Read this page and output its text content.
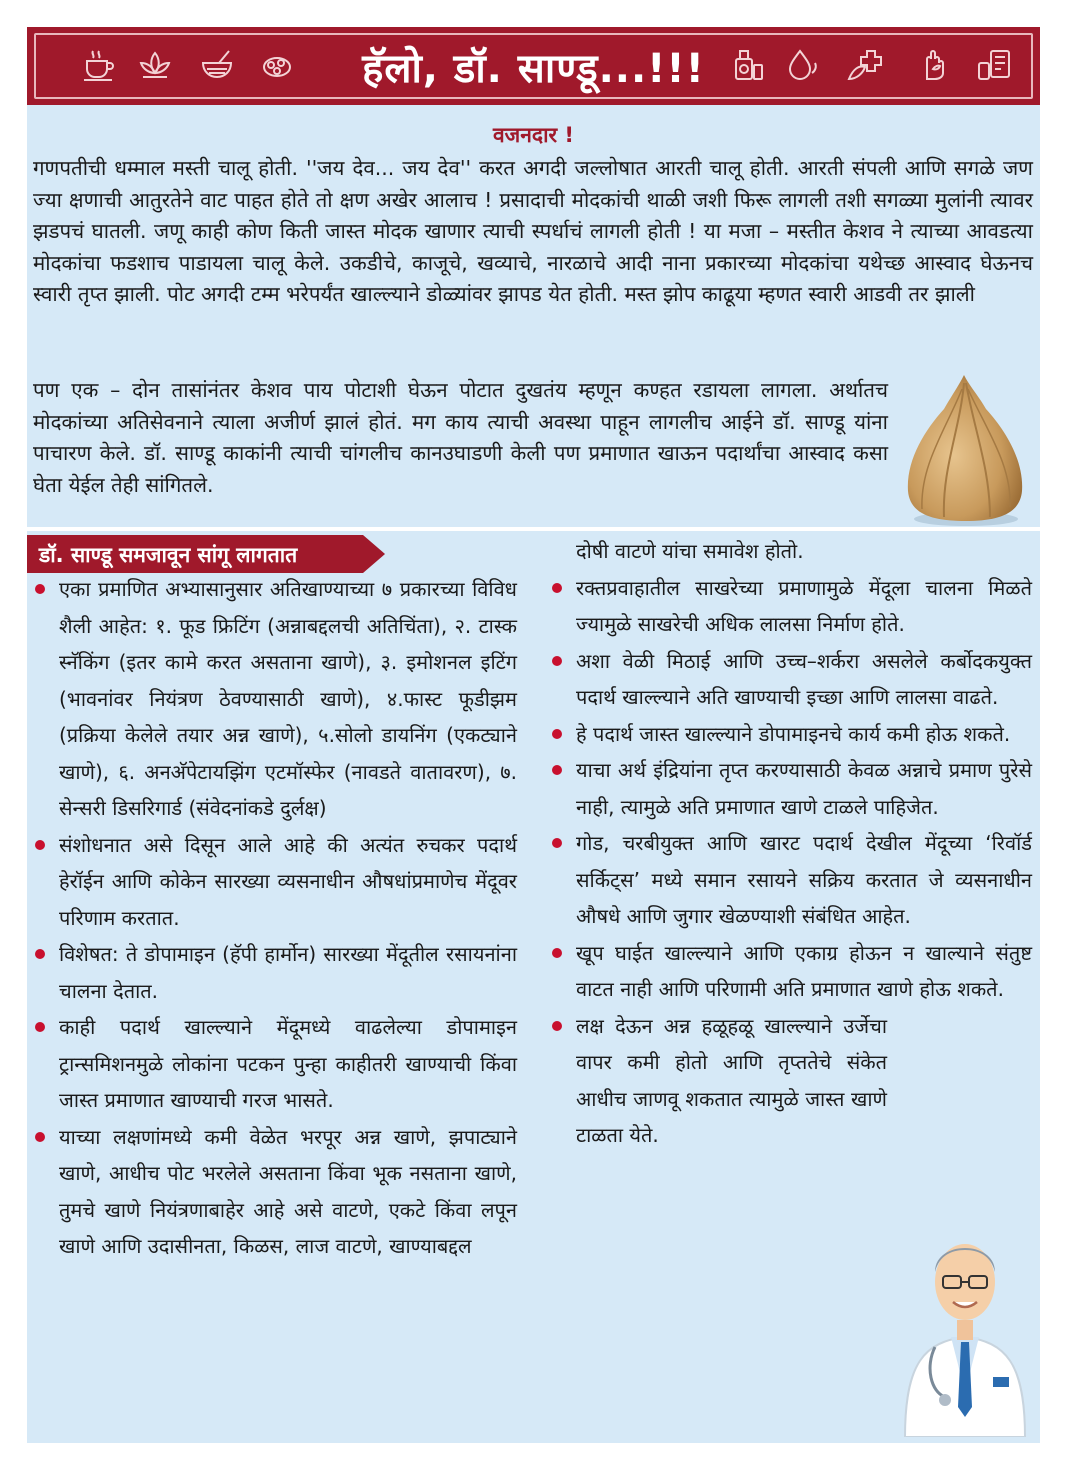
हॅलो, डॉ. साण्डू...!!!
वजनदार !
गणपतीची धम्माल मस्ती चालू होती. ''जय देव... जय देव'' करत अगदी जल्लोषात आरती चालू होती. आरती संपली आणि सगळे जण ज्या क्षणाची आतुरतेने वाट पाहत होते तो क्षण अखेर आलाच ! प्रसादाची मोदकांची थाळी जशी फिरू लागली तशी सगळ्या मुलांनी त्यावर झडपचं घातली. जणू काही कोण किती जास्त मोदक खाणार त्याची स्पर्धाचं लागली होती ! या मजा – मस्तीत केशव ने त्याच्या आवडत्या मोदकांचा फडशाच पाडायला चालू केले. उकडीचे, काजूचे, खव्याचे, नारळाचे आदी नाना प्रकारच्या मोदकांचा यथेच्छ आस्वाद घेऊनच स्वारी तृप्त झाली. पोट अगदी टम्म भरेपर्यंत खाल्ल्याने डोळ्यांवर झापड येत होती. मस्त झोप काढूया म्हणत स्वारी आडवी तर झाली
पण एक – दोन तासांनंतर केशव पाय पोटाशी घेऊन पोटात दुखतंय म्हणून कण्हत रडायला लागला. अर्थातच मोदकांच्या अतिसेवनाने त्याला अजीर्ण झालं होतं. मग काय त्याची अवस्था पाहून लागलीच आईने डॉ. साण्डू यांना पाचारण केले. डॉ. साण्डू काकांनी त्याची चांगलीच कानउघाडणी केली पण प्रमाणात खाऊन पदार्थांचा आस्वाद कसा घेता येईल तेही सांगितले.
डॉ. साण्डू समजावून सांगू लागतात
एका प्रमाणित अभ्यासानुसार अतिखाण्याच्या ७ प्रकारच्या विविध शैली आहेत: १. फूड फ्रिटिंग (अन्नाबद्दलची अतिचिंता), २. टास्क स्नॅकिंग (इतर कामे करत असताना खाणे), ३. इमोशनल इटिंग (भावनांवर नियंत्रण ठेवण्यासाठी खाणे), ४.फास्ट फूडीझम (प्रक्रिया केलेले तयार अन्न खाणे), ५.सोलो डायनिंग (एकट्याने खाणे), ६. अनअ‍ॅपेटायझिंग एटमॉस्फेर (नावडते वातावरण), ७. सेन्सरी डिसरिगार्ड (संवेदनांकडे दुर्लक्ष)
संशोधनात असे दिसून आले आहे की अत्यंत रुचकर पदार्थ हेरॉईन आणि कोकेन सारख्या व्यसनाधीन औषधांप्रमाणेच मेंदूवर परिणाम करतात.
विशेषत: ते डोपामाइन (हॅपी हार्मोन) सारख्या मेंदूतील रसायनांना चालना देतात.
काही पदार्थ खाल्ल्याने मेंदूमध्ये वाढलेल्या डोपामाइन ट्रान्समिशनमुळे लोकांना पटकन पुन्हा काहीतरी खाण्याची किंवा जास्त प्रमाणात खाण्याची गरज भासते.
याच्या लक्षणांमध्ये कमी वेळेत भरपूर अन्न खाणे, झपाट्याने खाणे, आधीच पोट भरलेले असताना किंवा भूक नसताना खाणे, तुमचे खाणे नियंत्रणाबाहेर आहे असे वाटणे, एकटे किंवा लपून खाणे आणि उदासीनता, किळस, लाज वाटणे, खाण्याबद्दल
दोषी वाटणे यांचा समावेश होतो.
रक्तप्रवाहातील साखरेच्या प्रमाणामुळे मेंदूला चालना मिळते ज्यामुळे साखरेची अधिक लालसा निर्माण होते.
अशा वेळी मिठाई आणि उच्च–शर्करा असलेले कर्बोदकयुक्त पदार्थ खाल्ल्याने अति खाण्याची इच्छा आणि लालसा वाढते.
हे पदार्थ जास्त खाल्ल्याने डोपामाइनचे कार्य कमी होऊ शकते.
याचा अर्थ इंद्रियांना तृप्त करण्यासाठी केवळ अन्नाचे प्रमाण पुरेसे नाही, त्यामुळे अति प्रमाणात खाणे टाळले पाहिजेत.
गोड, चरबीयुक्त आणि खारट पदार्थ देखील मेंदूच्या ‘रिवॉर्ड सर्किट्स’ मध्ये समान रसायने सक्रिय करतात जे व्यसनाधीन औषधे आणि जुगार खेळण्याशी संबंधित आहेत.
खूप घाईत खाल्ल्याने आणि एकाग्र होऊन न खाल्याने संतुष्ट वाटत नाही आणि परिणामी अति प्रमाणात खाणे होऊ शकते.
लक्ष देऊन अन्न हळूहळू खाल्ल्याने उर्जेचा वापर कमी होतो आणि तृप्ततेचे संकेत आधीच जाणवू शकतात त्यामुळे जास्त खाणे टाळता येते.
